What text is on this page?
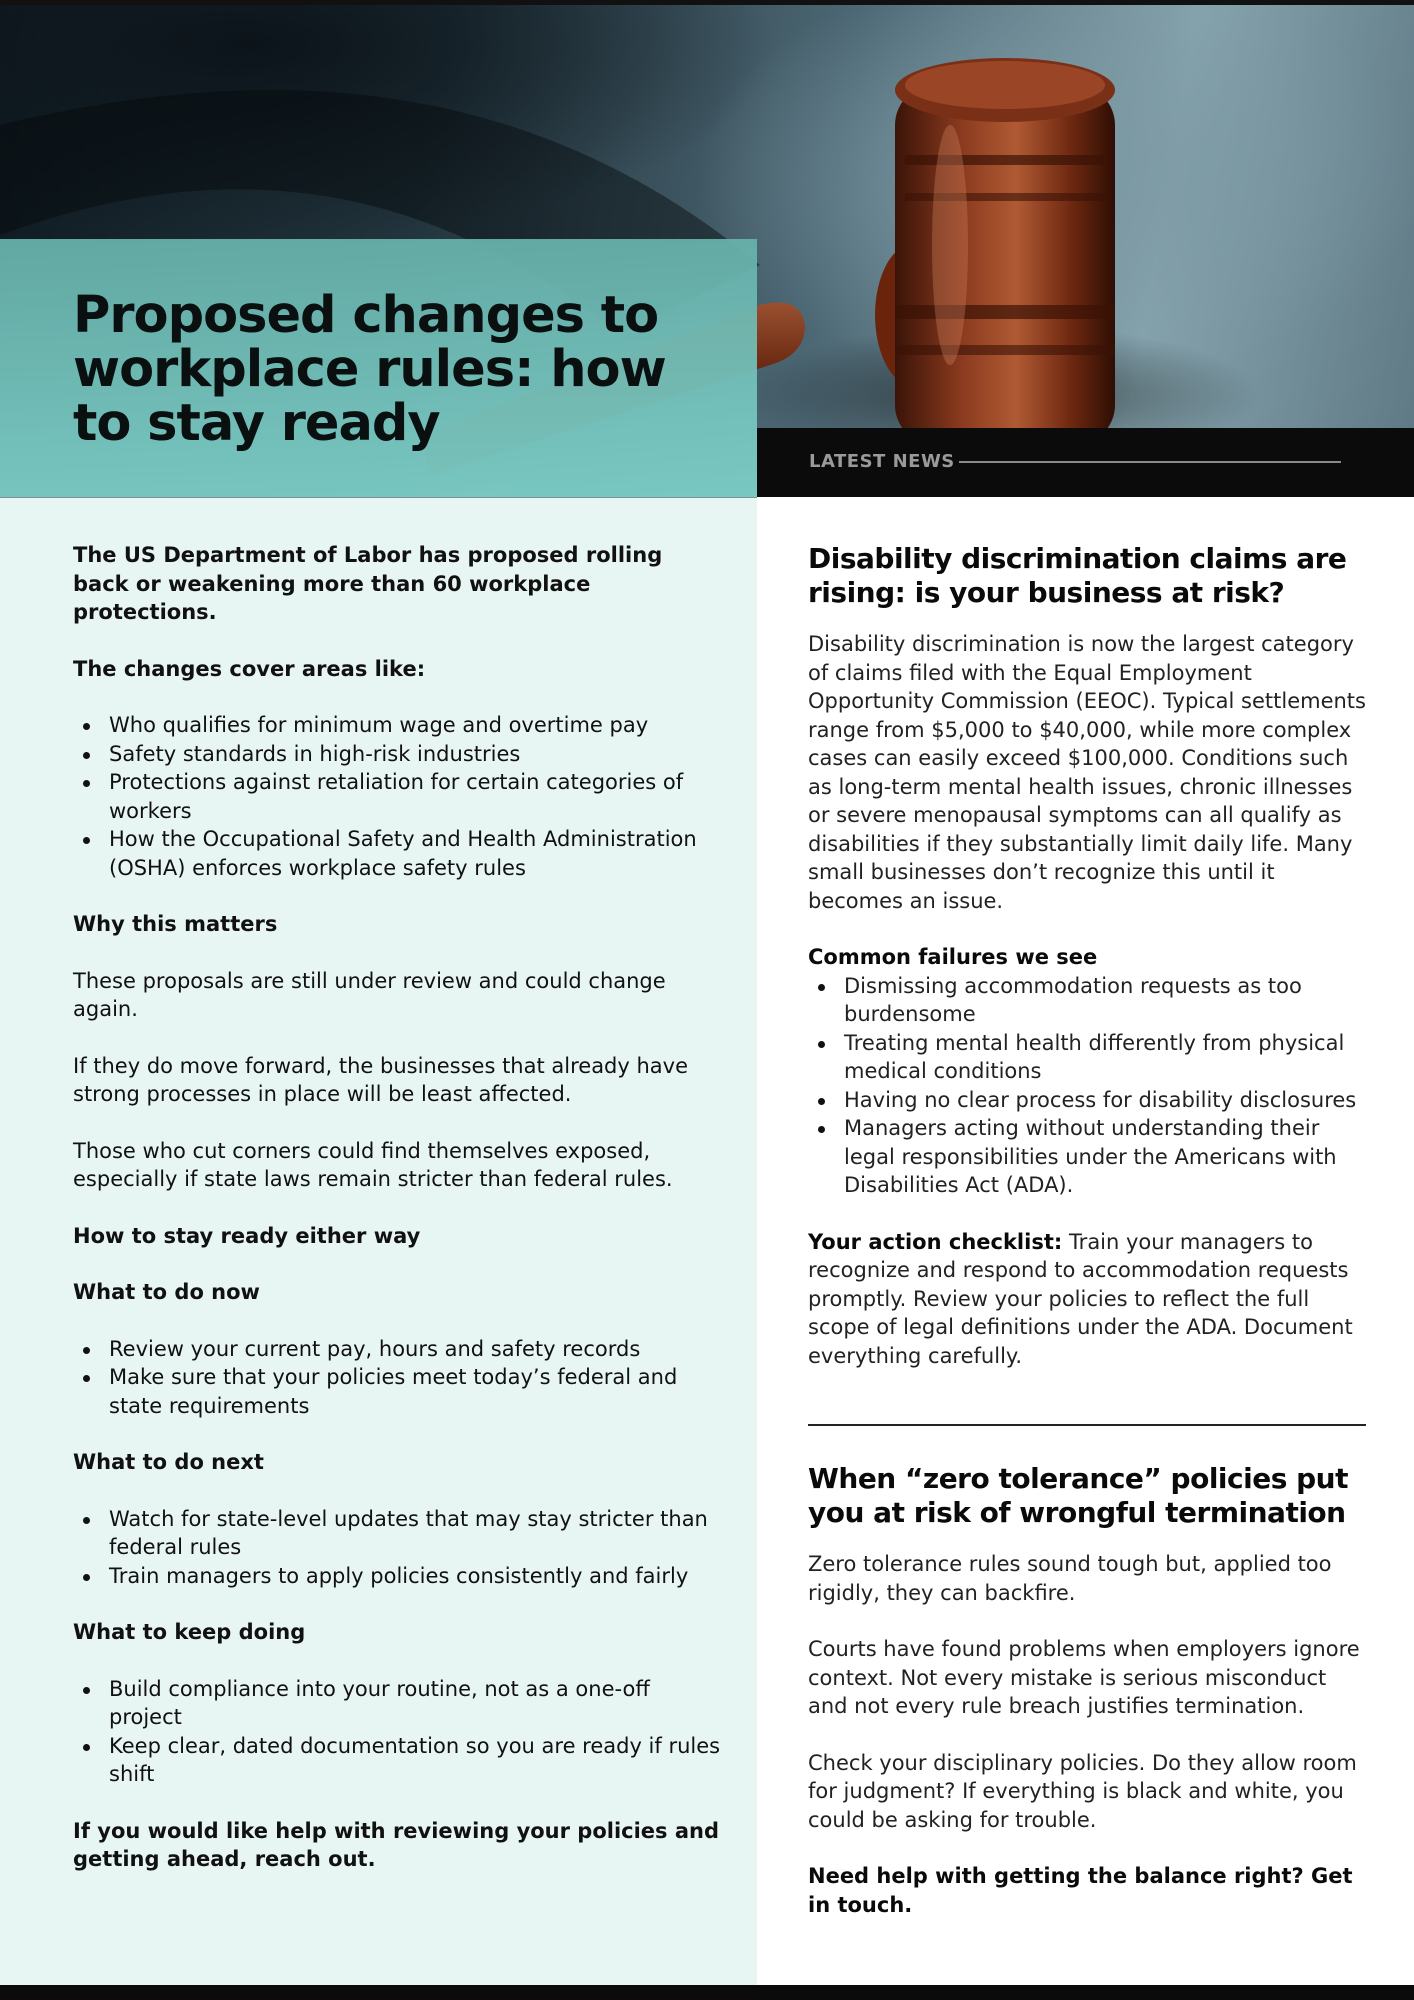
Proposed changes to workplace rules: how to stay ready
LATEST NEWS

The US Department of Labor has proposed rolling back or weakening more than 60 workplace protections.

The changes cover areas like:

Who qualifies for minimum wage and overtime pay
Safety standards in high-risk industries
Protections against retaliation for certain categories of workers
How the Occupational Safety and Health Administration (OSHA) enforces workplace safety rules

Why this matters

These proposals are still under review and could change again.

If they do move forward, the businesses that already have strong processes in place will be least affected.

Those who cut corners could find themselves exposed, especially if state laws remain stricter than federal rules.

How to stay ready either way

What to do now

Review your current pay, hours and safety records
Make sure that your policies meet today’s federal and state requirements

What to do next

Watch for state-level updates that may stay stricter than federal rules
Train managers to apply policies consistently and fairly

What to keep doing

Build compliance into your routine, not as a one-off project
Keep clear, dated documentation so you are ready if rules shift

If you would like help with reviewing your policies and getting ahead, reach out.

Disability discrimination claims are rising: is your business at risk?

Disability discrimination is now the largest category of claims filed with the Equal Employment Opportunity Commission (EEOC). Typical settlements range from $5,000 to $40,000, while more complex cases can easily exceed $100,000. Conditions such as long-term mental health issues, chronic illnesses or severe menopausal symptoms can all qualify as disabilities if they substantially limit daily life. Many small businesses don’t recognize this until it becomes an issue.

Common failures we see

Dismissing accommodation requests as too burdensome
Treating mental health differently from physical medical conditions
Having no clear process for disability disclosures
Managers acting without understanding their legal responsibilities under the Americans with Disabilities Act (ADA).

Your action checklist: Train your managers to recognize and respond to accommodation requests promptly. Review your policies to reflect the full scope of legal definitions under the ADA. Document everything carefully.

When “zero tolerance” policies put you at risk of wrongful termination

Zero tolerance rules sound tough but, applied too rigidly, they can backfire.

Courts have found problems when employers ignore context. Not every mistake is serious misconduct and not every rule breach justifies termination.

Check your disciplinary policies. Do they allow room for judgment? If everything is black and white, you could be asking for trouble.

Need help with getting the balance right? Get in touch.
